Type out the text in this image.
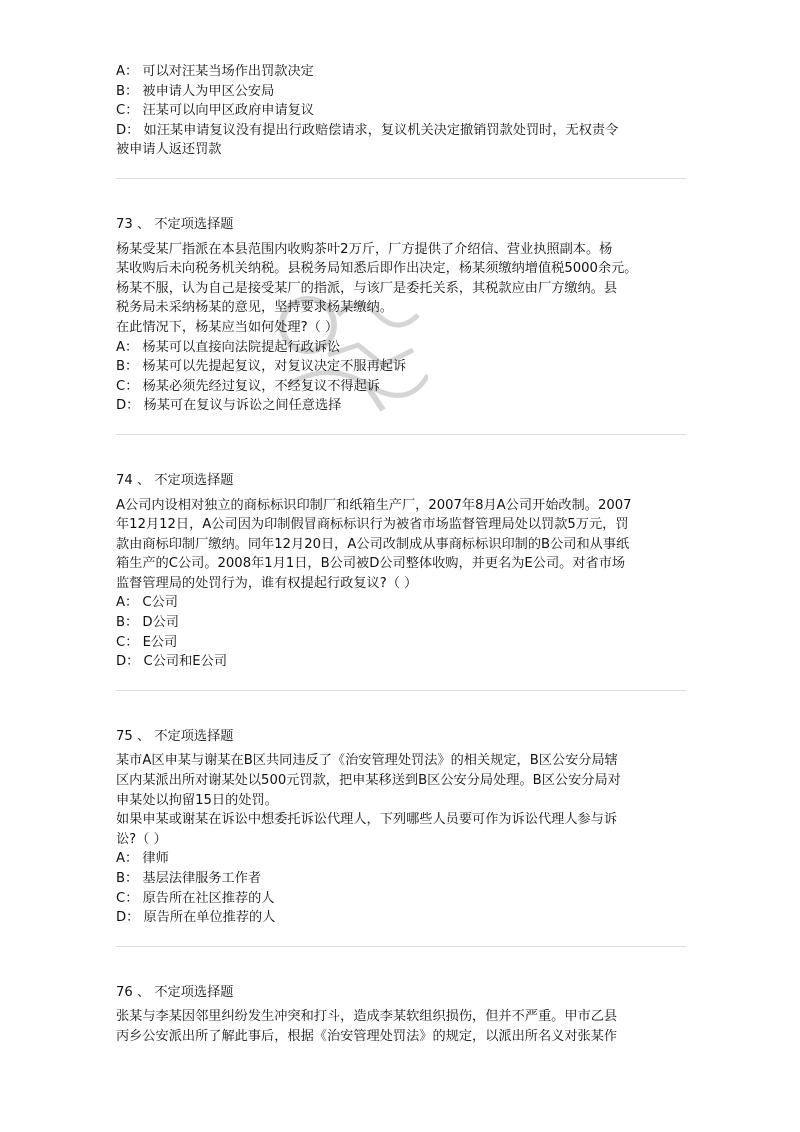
A： 可以对汪某当场作出罚款决定
B： 被申请人为甲区公安局
C： 汪某可以向甲区政府申请复议
D： 如汪某申请复议没有提出行政赔偿请求，复议机关决定撤销罚款处罚时，无权责令
被申请人返还罚款
73 、 不定项选择题
杨某受某厂指派在本县范围内收购茶叶2万斤，厂方提供了介绍信、营业执照副本。杨
某收购后未向税务机关纳税。县税务局知悉后即作出决定，杨某须缴纳增值税5000余元。
杨某不服，认为自己是接受某厂的指派，与该厂是委托关系，其税款应由厂方缴纳。县
税务局未采纳杨某的意见，坚持要求杨某缴纳。
在此情况下，杨某应当如何处理?（ ）
A： 杨某可以直接向法院提起行政诉讼
B： 杨某可以先提起复议，对复议决定不服再起诉
C： 杨某必须先经过复议，不经复议不得起诉
D： 杨某可在复议与诉讼之间任意选择
74 、 不定项选择题
A公司内设相对独立的商标标识印制厂和纸箱生产厂，2007年8月A公司开始改制。2007
年12月12日，A公司因为印制假冒商标标识行为被省市场监督管理局处以罚款5万元，罚
款由商标印制厂缴纳。同年12月20日，A公司改制成从事商标标识印制的B公司和从事纸
箱生产的C公司。2008年1月1日，B公司被D公司整体收购，并更名为E公司。对省市场
监督管理局的处罚行为，谁有权提起行政复议?（ ）
A： C公司
B： D公司
C： E公司
D： C公司和E公司
75 、 不定项选择题
某市A区申某与谢某在B区共同违反了《治安管理处罚法》的相关规定，B区公安分局辖
区内某派出所对谢某处以500元罚款，把申某移送到B区公安分局处理。B区公安分局对
申某处以拘留15日的处罚。
如果申某或谢某在诉讼中想委托诉讼代理人，下列哪些人员要可作为诉讼代理人参与诉
讼?（ ）
A： 律师
B： 基层法律服务工作者
C： 原告所在社区推荐的人
D： 原告所在单位推荐的人
76 、 不定项选择题
张某与李某因邻里纠纷发生冲突和打斗，造成李某软组织损伤，但并不严重。甲市乙县
丙乡公安派出所了解此事后，根据《治安管理处罚法》的规定，以派出所名义对张某作
